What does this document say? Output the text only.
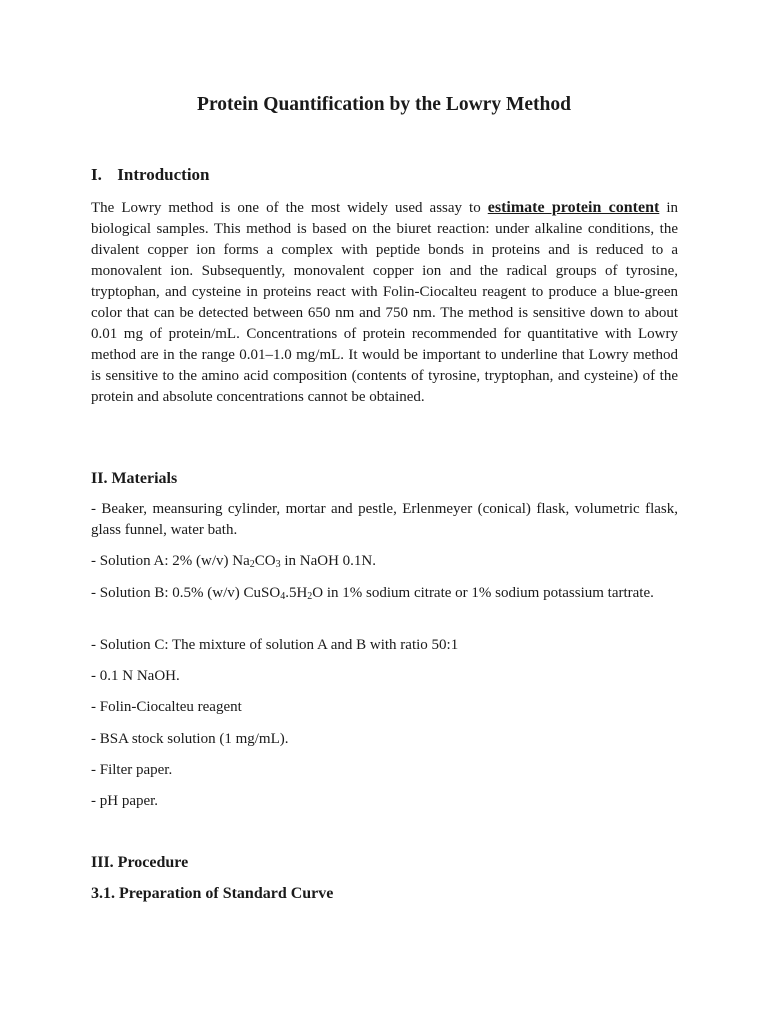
Protein Quantification by the Lowry Method
I. Introduction

The Lowry method is one of the most widely used assay to estimate protein content in biological samples. This method is based on the biuret reaction: under alkaline conditions, the divalent copper ion forms a complex with peptide bonds in proteins and is reduced to a monovalent ion. Subsequently, monovalent copper ion and the radical groups of tyrosine, tryptophan, and cysteine in proteins react with Folin-Ciocalteu reagent to produce a blue-green color that can be detected between 650 nm and 750 nm. The method is sensitive down to about 0.01 mg of protein/mL. Concentrations of protein recommended for quantitative with Lowry method are in the range 0.01–1.0 mg/mL. It would be important to underline that Lowry method is sensitive to the amino acid composition (contents of tyrosine, tryptophan, and cysteine) of the protein and absolute concentrations cannot be obtained.

II. Materials

- Beaker, meansuring cylinder, mortar and pestle, Erlenmeyer (conical) flask, volumetric flask, glass funnel, water bath.

- Solution A: 2% (w/v) $Na_2CO_3$ in NaOH 0.1N.

- Solution B: 0.5% (w/v) $CuSO_4.5H_2O$ in 1% sodium citrate or 1% sodium potassium tartrate.

- Solution C: The mixture of solution A and B with ratio 50:1

- 0.1 N NaOH.

- Folin-Ciocalteu reagent

- BSA stock solution (1 mg/mL).

- Filter paper.

- pH paper.

III. Procedure
3.1. Preparation of Standard Curve
